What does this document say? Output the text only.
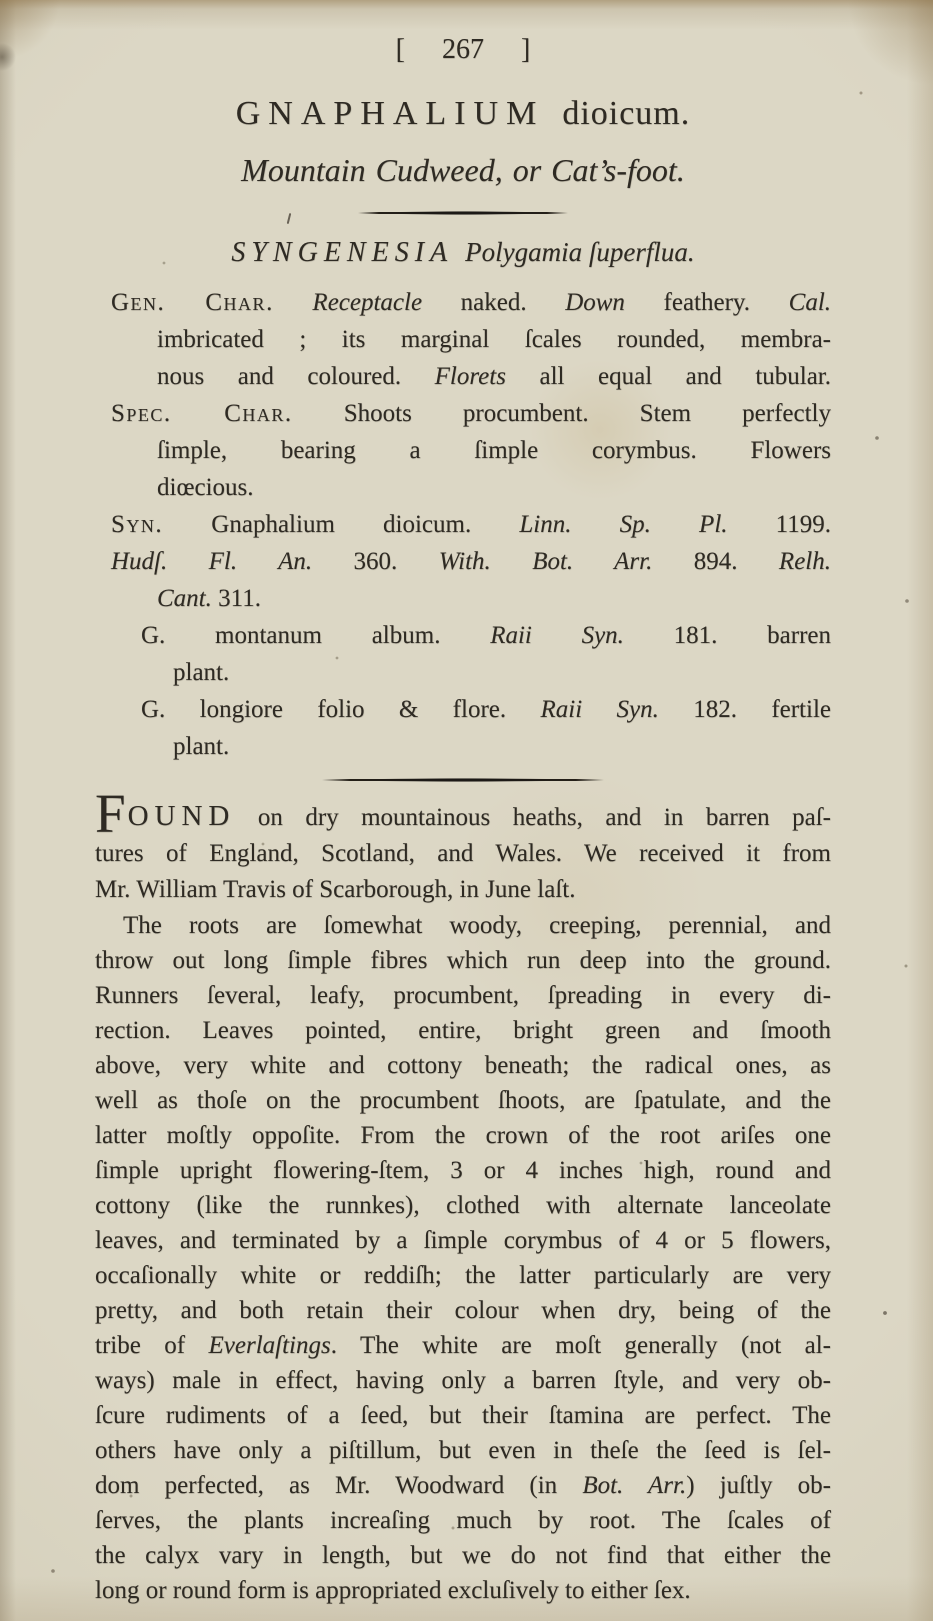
[ 267 ]
GNAPHALIUM dioicum.
Mountain Cudweed, or Cat’s-foot.
SYNGENESIA Polygamia ſuperflua.
Gen. Char. Receptacle naked. Down feathery. Cal.
imbricated ; its marginal ſcales rounded, membra-
nous and coloured. Florets all equal and tubular.
Spec. Char. Shoots procumbent. Stem perfectly
ſimple, bearing a ſimple corymbus. Flowers
diœcious.
Syn. Gnaphalium dioicum. Linn. Sp. Pl. 1199.
Hudſ. Fl. An. 360. With. Bot. Arr. 894. Relh.
Cant. 311.
G. montanum album. Raii Syn. 181. barren
plant.
G. longiore folio & flore. Raii Syn. 182. fertile
plant.
FOUND on dry mountainous heaths, and in barren paſ-
tures of England, Scotland, and Wales. We received it from
Mr. William Travis of Scarborough, in June laſt.
The roots are ſomewhat woody, creeping, perennial, and
throw out long ſimple fibres which run deep into the ground.
Runners ſeveral, leafy, procumbent, ſpreading in every di-
rection. Leaves pointed, entire, bright green and ſmooth
above, very white and cottony beneath; the radical ones, as
well as thoſe on the procumbent ſhoots, are ſpatulate, and the
latter moſtly oppoſite. From the crown of the root ariſes one
ſimple upright flowering-ſtem, 3 or 4 inches high, round and
cottony (like the runnkes), clothed with alternate lanceolate
leaves, and terminated by a ſimple corymbus of 4 or 5 flowers,
occaſionally white or reddiſh; the latter particularly are very
pretty, and both retain their colour when dry, being of the
tribe of Everlaſtings. The white are moſt generally (not al-
ways) male in effect, having only a barren ſtyle, and very ob-
ſcure rudiments of a ſeed, but their ſtamina are perfect. The
others have only a piſtillum, but even in theſe the ſeed is ſel-
dom perfected, as Mr. Woodward (in Bot. Arr.) juſtly ob-
ſerves, the plants increaſing much by root. The ſcales of
the calyx vary in length, but we do not find that either the
long or round form is appropriated excluſively to either ſex.
